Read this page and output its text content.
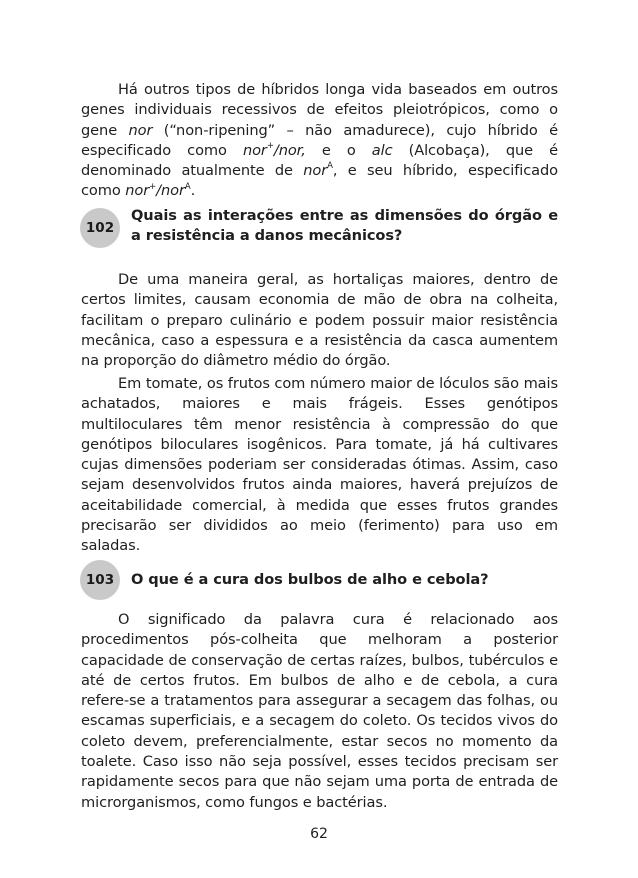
Há outros tipos de híbridos longa vida baseados em outros genes individuais recessivos de efeitos pleiotrópicos, como o gene nor (“non-ripening” – não amadurece), cujo híbrido é especificado como nor+/nor, e o alc (Alcobaça), que é denominado atualmente de nor$^A$, e seu híbrido, especificado como nor+/nor$^A$.

102

Quais as interações entre as dimensões do órgão e a resistência a danos mecânicos?

De uma maneira geral, as hortaliças maiores, dentro de certos limites, causam economia de mão de obra na colheita, facilitam o preparo culinário e podem possuir maior resistência mecânica, caso a espessura e a resistência da casca aumentem na proporção do diâmetro médio do órgão.

Em tomate, os frutos com número maior de lóculos são mais achatados, maiores e mais frágeis. Esses genótipos multiloculares têm menor resistência à compressão do que genótipos biloculares isogênicos. Para tomate, já há cultivares cujas dimensões poderiam ser consideradas ótimas. Assim, caso sejam desenvolvidos frutos ainda maiores, haverá prejuízos de aceitabilidade comercial, à medida que esses frutos grandes precisarão ser divididos ao meio (ferimento) para uso em saladas.

103	O que é a cura dos bulbos de alho e cebola?

O significado da palavra cura é relacionado aos procedimentos pós-colheita que melhoram a posterior capacidade de conservação de certas raízes, bulbos, tubérculos e até de certos frutos. Em bulbos de alho e de cebola, a cura refere-se a tratamentos para assegurar a secagem das folhas, ou escamas superficiais, e a secagem do coleto. Os tecidos vivos do coleto devem, preferencialmente, estar secos no momento da toalete. Caso isso não seja possível, esses tecidos precisam ser rapidamente secos para que não sejam uma porta de entrada de microrganismos, como fungos e bactérias.

62
